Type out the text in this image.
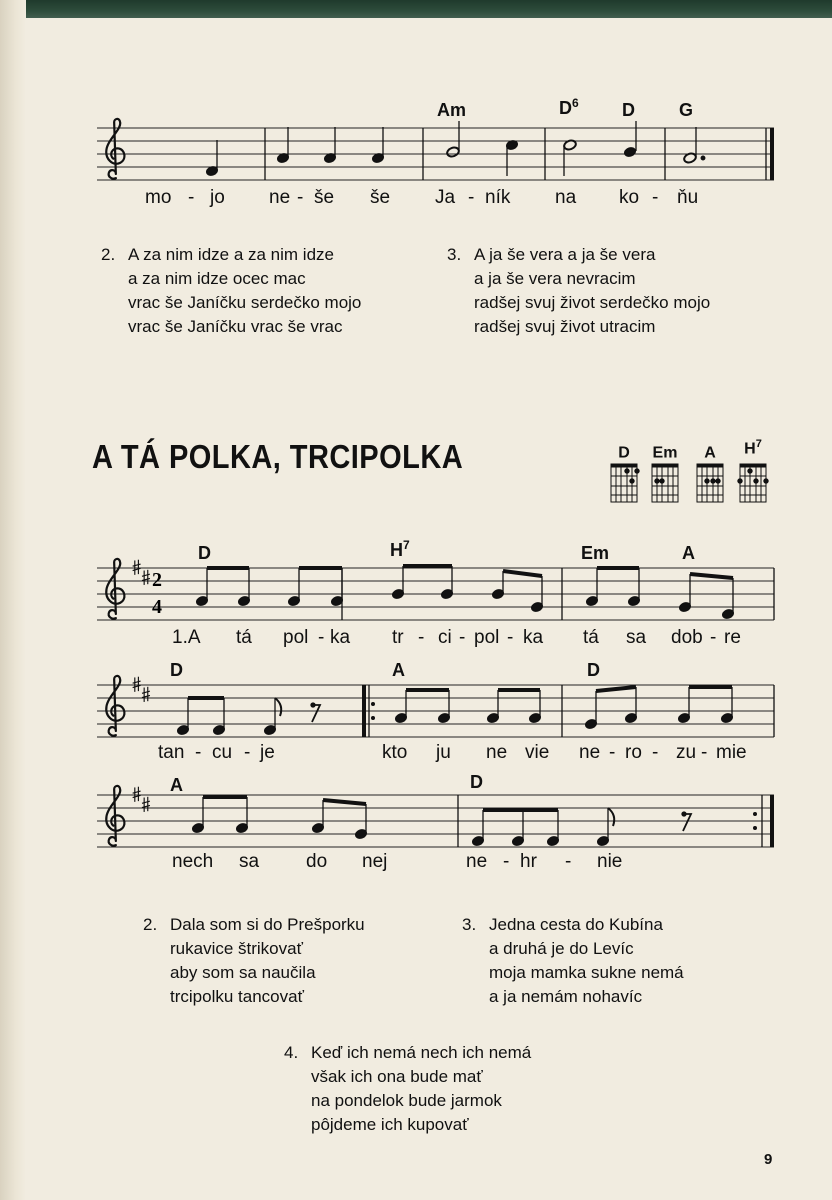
2
4
Am	$D^6$ D G
mo - jo ne - še še Ja - ník na ko - ňu
2. A za nim idze a za nim idze
a za nim idze ocec mac
vrac še Janíčku serdečko mojo
vrac še Janíčku vrac še vrac
3. A ja še vera a ja še vera
a ja še vera nevracim
radšej svuj život serdečko mojo
radšej svuj život utracim
A TÁ POLKA, TRCIPOLKA	D	Em	A	$H^7$
D	$H^7$	Em	A
1.A tá pol - ka tr - ci - pol - ka tá sa dob - re
D	A	D
tan - cu - je	kto ju ne vie ne - ro - zu - mie
A	D
nech sa do nej	ne - hr - nie
2. Dala som si do Prešporku
rukavice štrikovať
aby som sa naučila
trcipolku tancovať
3. Jedna cesta do Kubína
a druhá je do Levíc
moja mamka sukne nemá
a ja nemám nohavíc
4. Keď ich nemá nech ich nemá
však ich ona bude mať
na pondelok bude jarmok
pôjdeme ich kupovať
9
